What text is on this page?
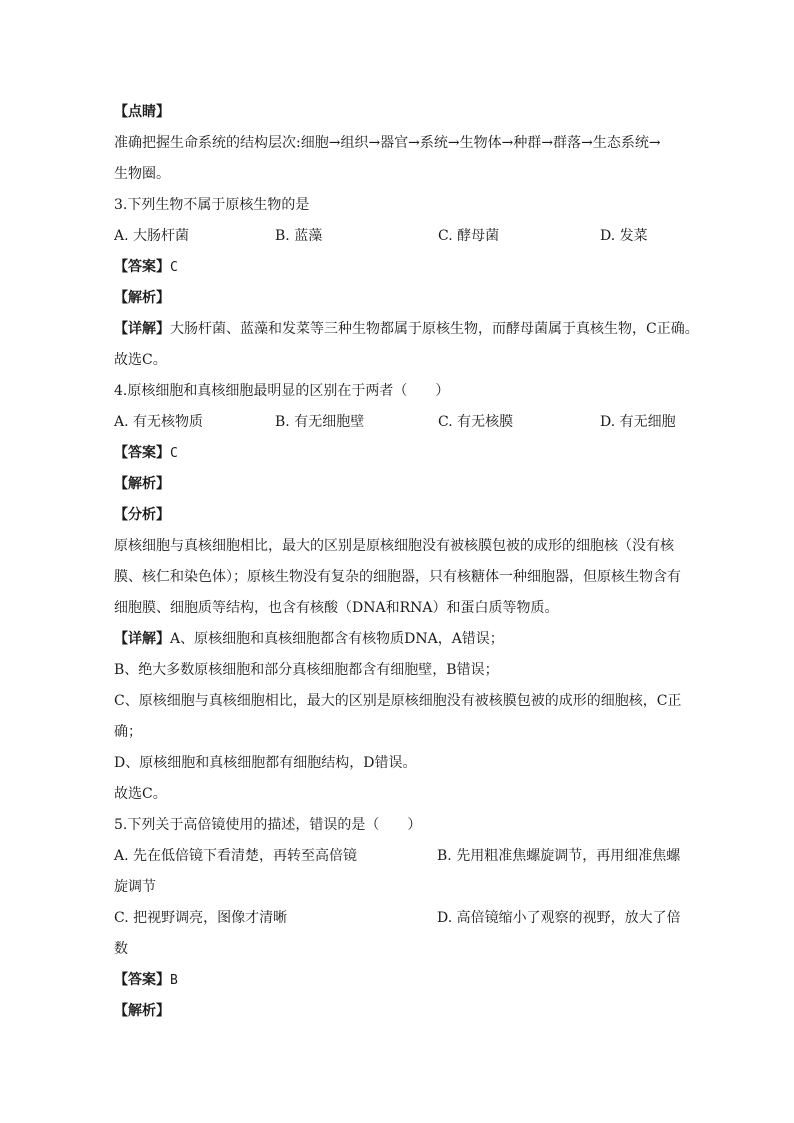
【点睛】
准确把握生命系统的结构层次:细胞→组织→器官→系统→生物体→种群→群落→生态系统→
生物圈。
3.下列生物不属于原核生物的是
A. 大肠杆菌	B. 蓝藻	C. 酵母菌	D. 发菜
【答案】C
【解析】
【详解】大肠杆菌、蓝藻和发菜等三种生物都属于原核生物，而酵母菌属于真核生物，C正确。
故选C。
4.原核细胞和真核细胞最明显的区别在于两者（　　）
A. 有无核物质	B. 有无细胞壁	C. 有无核膜	D. 有无细胞
【答案】C
【解析】
【分析】
原核细胞与真核细胞相比，最大的区别是原核细胞没有被核膜包被的成形的细胞核（没有核
膜、核仁和染色体）；原核生物没有复杂的细胞器，只有核糖体一种细胞器，但原核生物含有
细胞膜、细胞质等结构，也含有核酸（DNA和RNA）和蛋白质等物质。
【详解】A、原核细胞和真核细胞都含有核物质DNA，A错误；
B、绝大多数原核细胞和部分真核细胞都含有细胞壁，B错误；
C、原核细胞与真核细胞相比，最大的区别是原核细胞没有被核膜包被的成形的细胞核，C正
确；
D、原核细胞和真核细胞都有细胞结构，D错误。
故选C。
5.下列关于高倍镜使用的描述，错误的是（　　）
A. 先在低倍镜下看清楚，再转至高倍镜	B. 先用粗准焦螺旋调节，再用细准焦螺
旋调节
C. 把视野调亮，图像才清晰	D. 高倍镜缩小了观察的视野，放大了倍
数
【答案】B
【解析】
